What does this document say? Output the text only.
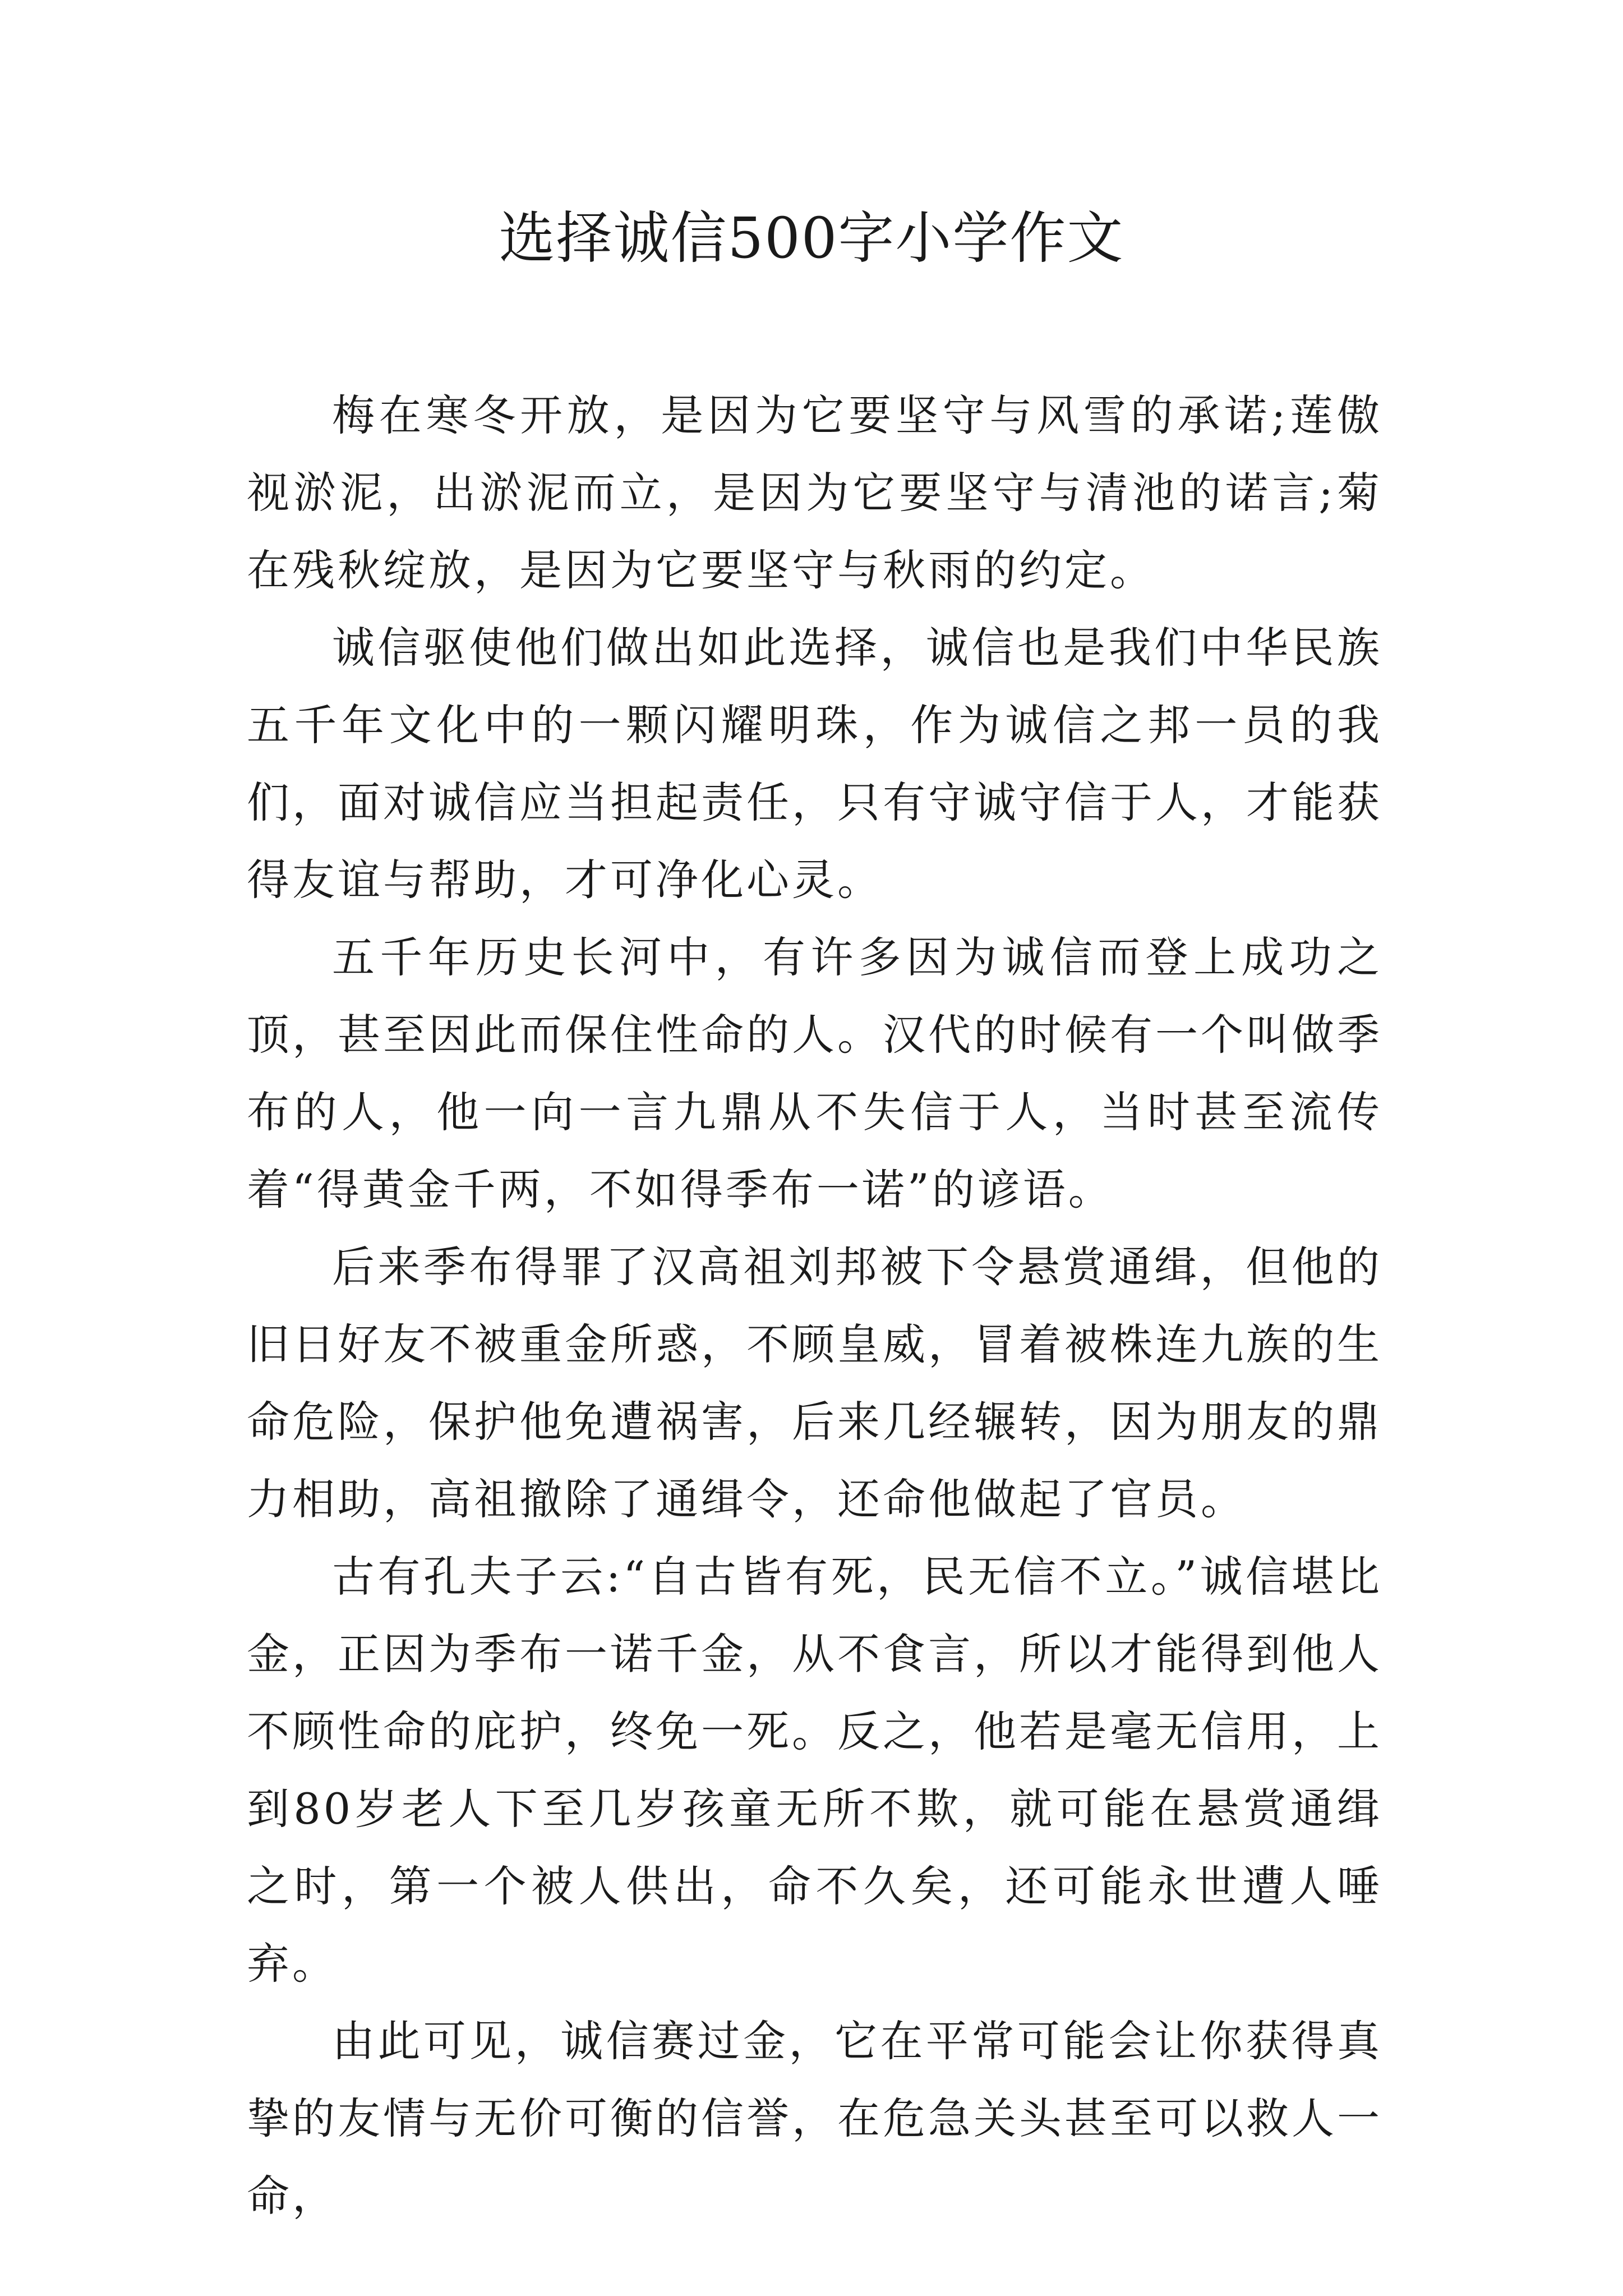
选择诚信500字小学作文

梅在寒冬开放，是因为它要坚守与风雪的承诺;莲傲视淤泥，出淤泥而立，是因为它要坚守与清池的诺言;菊在残秋绽放，是因为它要坚守与秋雨的约定。

诚信驱使他们做出如此选择，诚信也是我们中华民族五千年文化中的一颗闪耀明珠，作为诚信之邦一员的我们，面对诚信应当担起责任，只有守诚守信于人，才能获得友谊与帮助，才可净化心灵。

五千年历史长河中，有许多因为诚信而登上成功之顶，甚至因此而保住性命的人。汉代的时候有一个叫做季布的人，他一向一言九鼎从不失信于人，当时甚至流传着“得黄金千两，不如得季布一诺”的谚语。

后来季布得罪了汉高祖刘邦被下令悬赏通缉，但他的旧日好友不被重金所惑，不顾皇威，冒着被株连九族的生命危险，保护他免遭祸害，后来几经辗转，因为朋友的鼎力相助，高祖撤除了通缉令，还命他做起了官员。

古有孔夫子云:“自古皆有死，民无信不立。”诚信堪比金，正因为季布一诺千金，从不食言，所以才能得到他人不顾性命的庇护，终免一死。反之，他若是毫无信用，上到80岁老人下至几岁孩童无所不欺，就可能在悬赏通缉之时，第一个被人供出，命不久矣，还可能永世遭人唾弃。

由此可见，诚信赛过金，它在平常可能会让你获得真挚的友情与无价可衡的信誉，在危急关头甚至可以救人一命，
